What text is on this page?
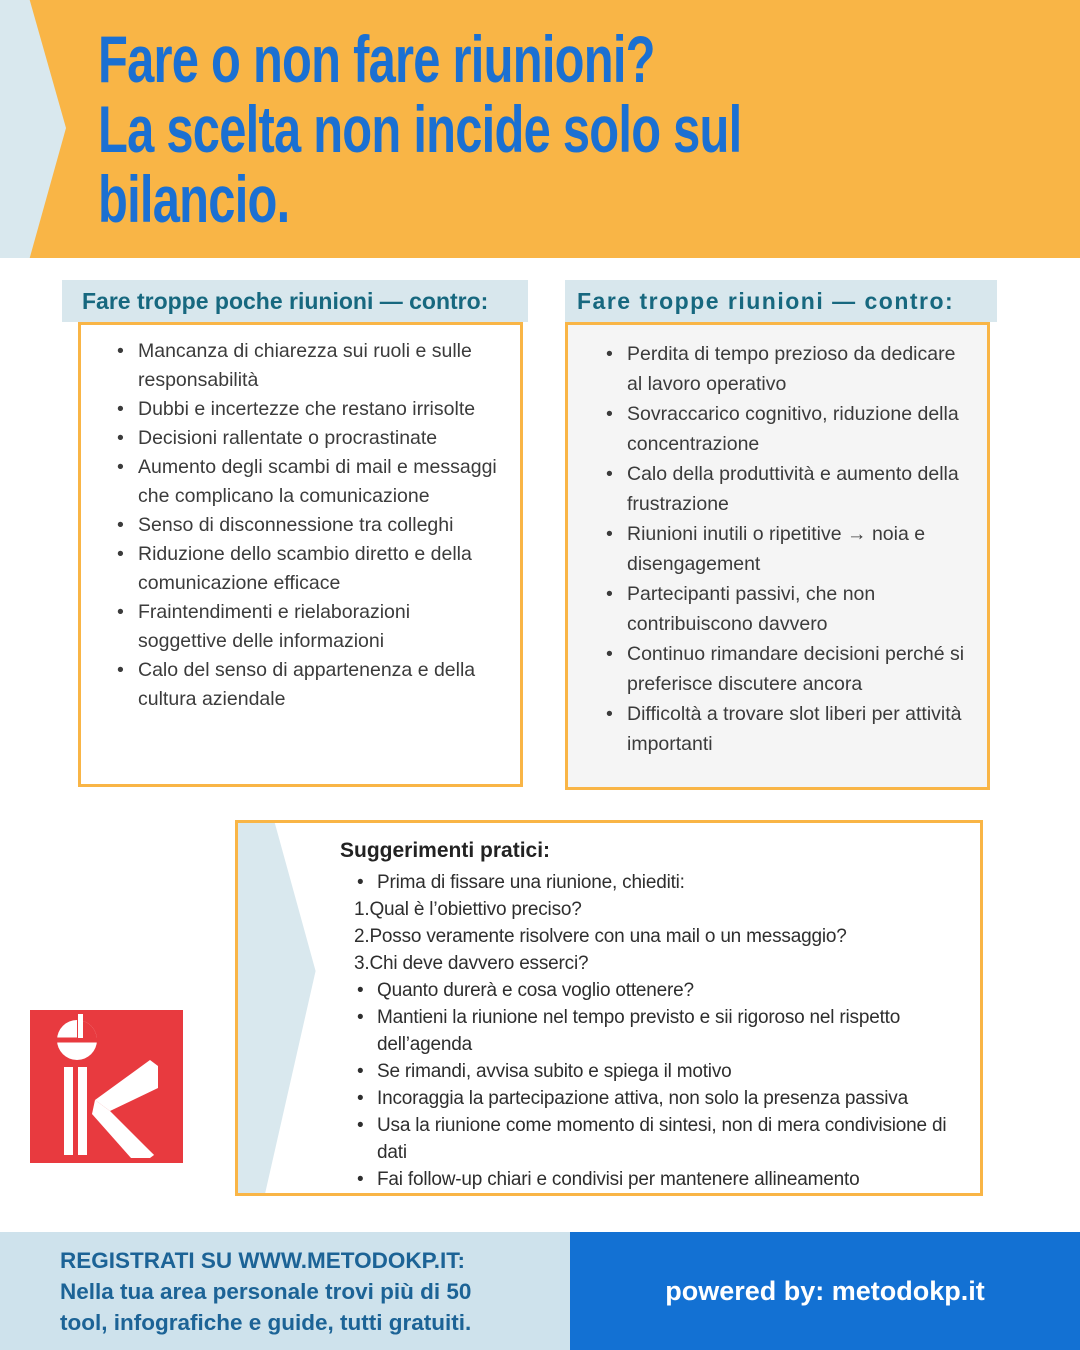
Fare o non fare riunioni?
La scelta non incide solo sul
bilancio.
Fare troppe poche riunioni — contro:	Fare troppe riunioni — contro:
• Mancanza di chiarezza sui ruoli e sulle responsabilità
• Dubbi e incertezze che restano irrisolte
• Decisioni rallentate o procrastinate
• Aumento degli scambi di mail e messaggi che complicano la comunicazione
• Senso di disconnessione tra colleghi
• Riduzione dello scambio diretto e della comunicazione efficace
• Fraintendimenti e rielaborazioni soggettive delle informazioni
• Calo del senso di appartenenza e della cultura aziendale
• Perdita di tempo prezioso da dedicare al lavoro operativo
• Sovraccarico cognitivo, riduzione della concentrazione
• Calo della produttività e aumento della frustrazione
• Riunioni inutili o ripetitive → noia e disengagement
• Partecipanti passivi, che non contribuiscono davvero
• Continuo rimandare decisioni perché si preferisce discutere ancora
• Difficoltà a trovare slot liberi per attività importanti
Suggerimenti pratici:
• Prima di fissare una riunione, chiediti:
1. Qual è l’obiettivo preciso?
2. Posso veramente risolvere con una mail o un messaggio?
3. Chi deve davvero esserci?
• Quanto durerà e cosa voglio ottenere?
• Mantieni la riunione nel tempo previsto e sii rigoroso nel rispetto dell’agenda
• Se rimandi, avvisa subito e spiega il motivo
• Incoraggia la partecipazione attiva, non solo la presenza passiva
• Usa la riunione come momento di sintesi, non di mera condivisione di dati
• Fai follow-up chiari e condivisi per mantenere allineamento
REGISTRATI SU WWW.METODOKP.IT:
Nella tua area personale trovi più di 50
tool, infografiche e guide, tutti gratuiti.
powered by: metodokp.it
